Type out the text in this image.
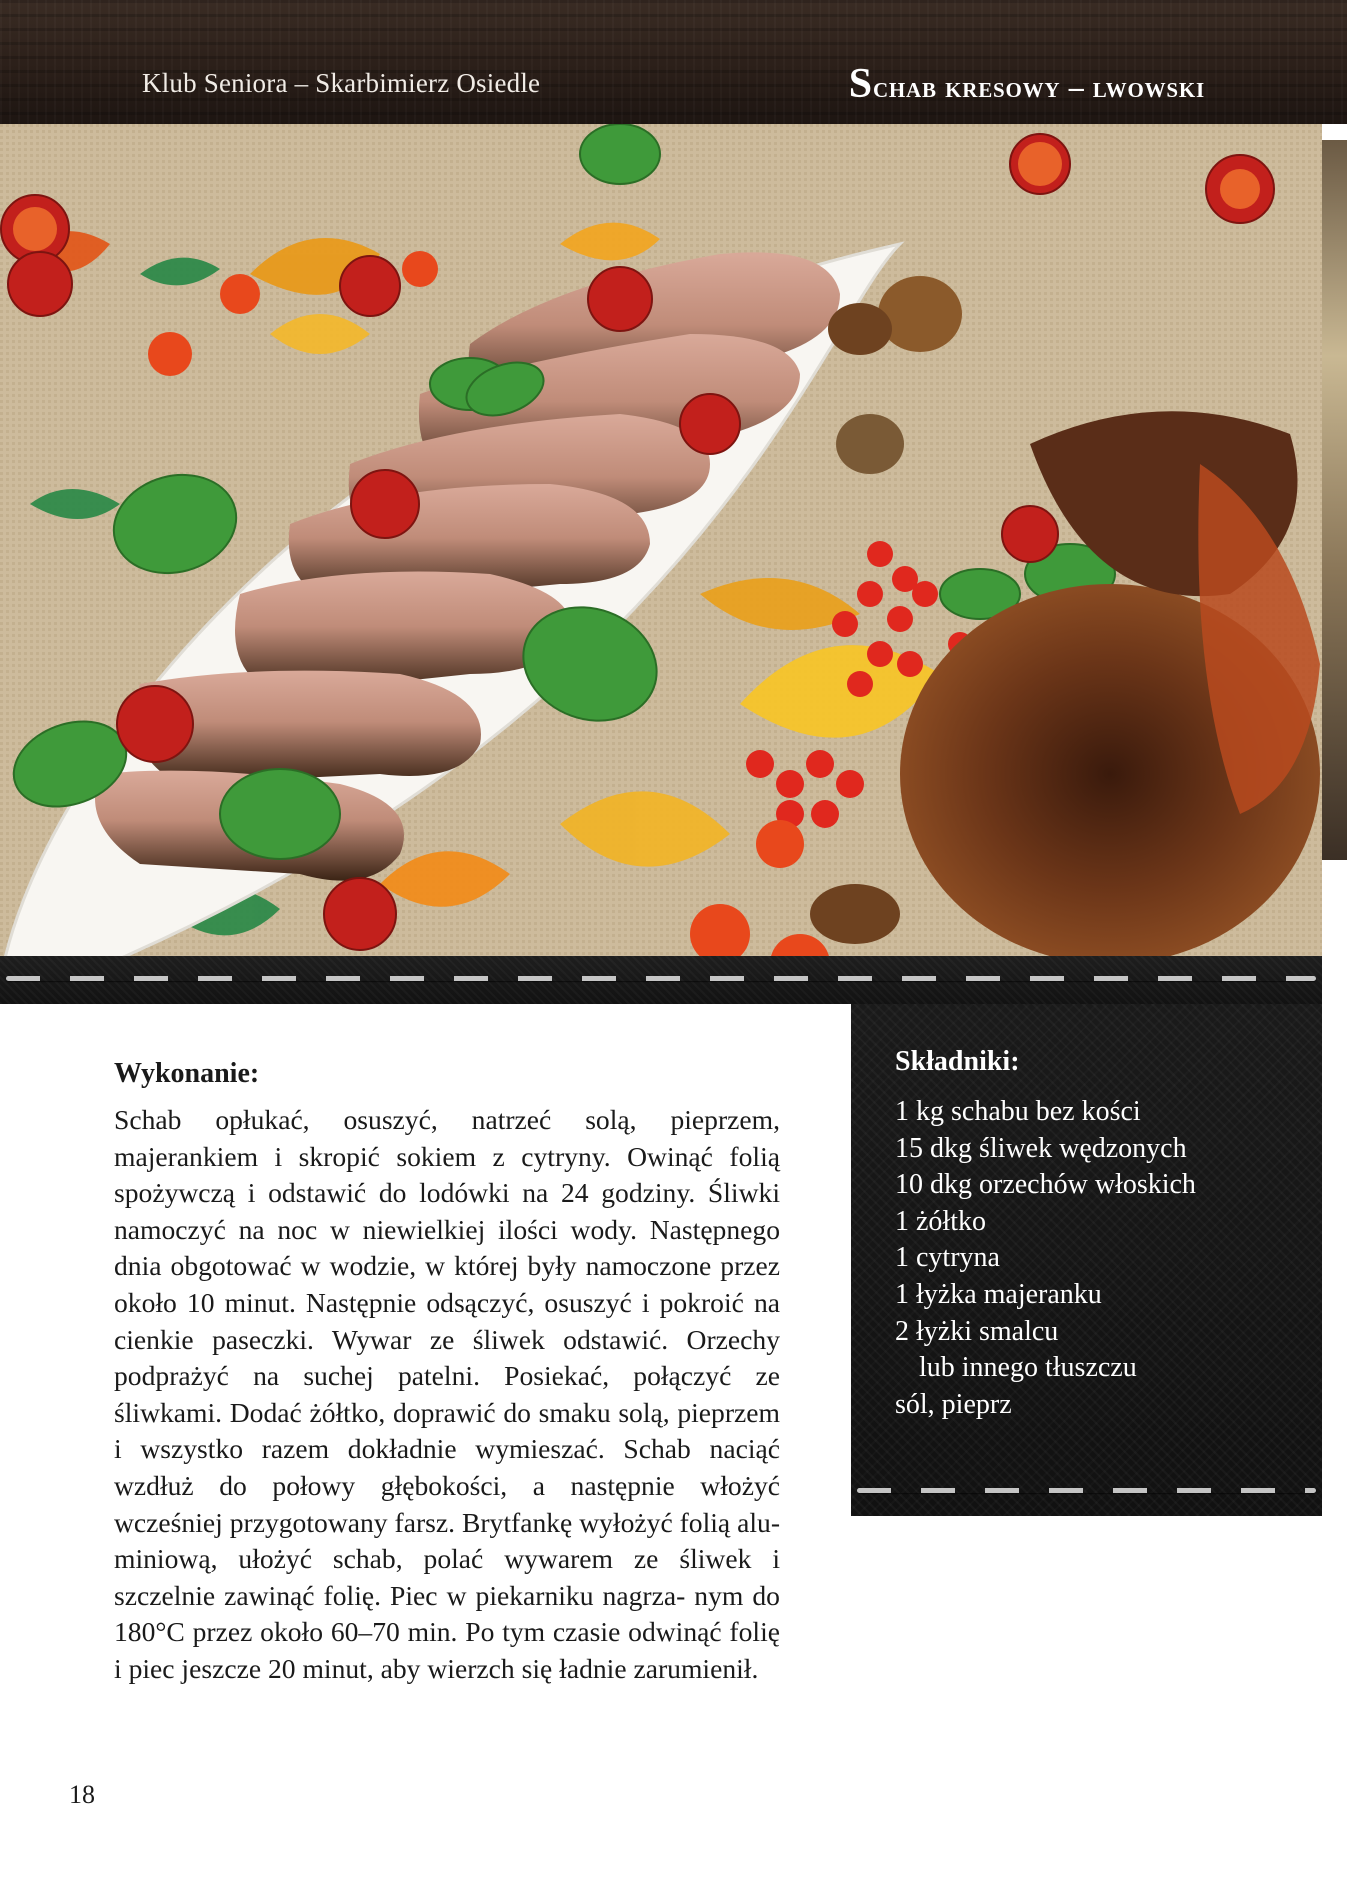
Klub Seniora – Skarbimierz Osiedle	Schab kresowy – lwowski
Wykonanie:

Schab opłukać, osuszyć, natrzeć solą, pieprzem, majerankiem i skropić sokiem z cytryny. Owinąć folią spożywczą i odstawić do lodówki na 24 godziny. Śliwki namoczyć na noc w niewielkiej ilości wody. Następnego dnia obgotować w wodzie, w której były namoczone przez około 10 minut. Następnie odsączyć, osuszyć i pokroić na cienkie paseczki. Wywar ze śliwek odstawić. Orzechy podprażyć na suchej patelni. Posiekać, połączyć ze śliwkami. Dodać żółtko, doprawić do smaku solą, pieprzem i wszystko razem dokładnie wymieszać. Schab naciąć wzdłuż do połowy głębokości, a następnie włożyć wcześniej przygotowany farsz. Brytfankę wyłożyć folią alu- miniową, ułożyć schab, polać wywarem ze śliwek i szczelnie zawinąć folię. Piec w piekarniku nagrza- nym do 180°C przez około 60–70 min. Po tym czasie odwinąć folię i piec jeszcze 20 minut, aby wierzch się ładnie zarumienił.

Składniki:
1 kg schabu bez kości
15 dkg śliwek wędzonych
10 dkg orzechów włoskich
1 żółtko
1 cytryna
1 łyżka majeranku
2 łyżki smalcu
lub innego tłuszczu
sól, pieprz
18
